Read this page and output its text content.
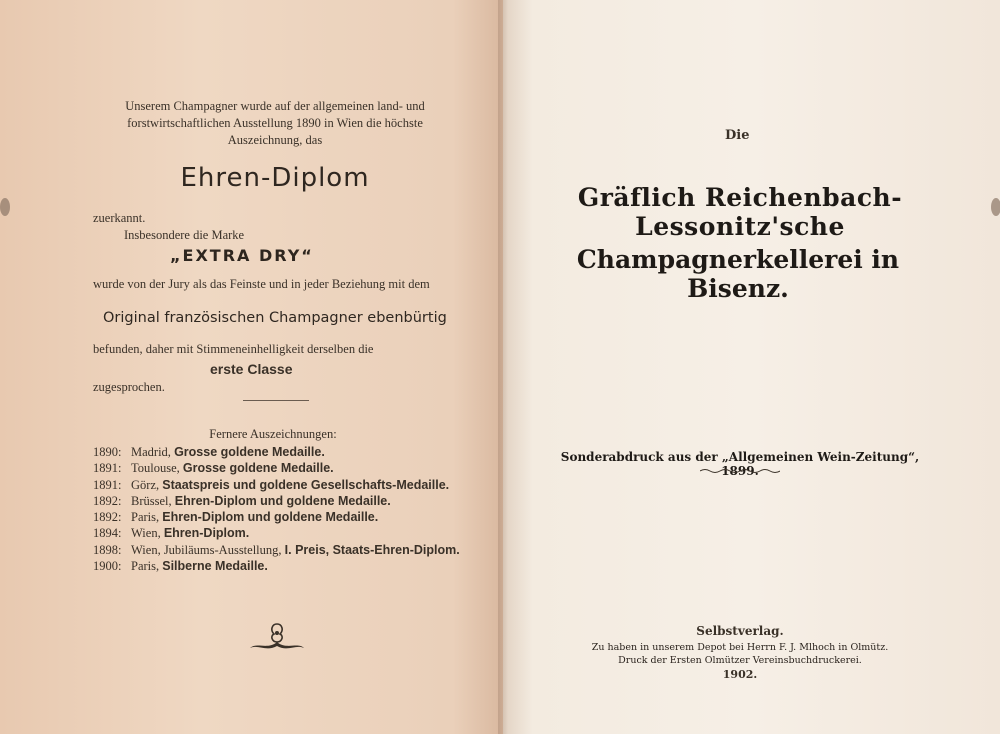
Unserem Champagner wurde auf der allgemeinen land- und forstwirtschaftlichen Ausstellung 1890 in Wien die höchste Auszeichnung, das
Ehren-Diplom
zuerkannt.
Insbesondere die Marke
„EXTRA DRY“
wurde von der Jury als das Feinste und in jeder Beziehung mit dem
Original französischen Champagner ebenbürtig
befunden, daher mit Stimmeneinhelligkeit derselben die
erste Classe
zugesprochen.
Fernere Auszeichnungen:
1890: Madrid, Grosse goldene Medaille.
1891: Toulouse, Grosse goldene Medaille.
1891: Görz, Staatspreis und goldene Gesellschafts-Medaille.
1892: Brüssel, Ehren-Diplom und goldene Medaille.
1892: Paris, Ehren-Diplom und goldene Medaille.
1894: Wien, Ehren-Diplom.
1898: Wien, Jubiläums-Ausstellung, I. Preis, Staats-Ehren-Diplom.
1900: Paris, Silberne Medaille.
Die
Gräflich Reichenbach-Lessonitz'sche
Champagnerkellerei in Bisenz.
Sonderabdruck aus der „Allgemeinen Wein-Zeitung“, 1899.
Selbstverlag.
Zu haben in unserem Depot bei Herrn F. J. Mlhoch in Olmütz.
Druck der Ersten Olmützer Vereinsbuchdruckerei.
1902.
